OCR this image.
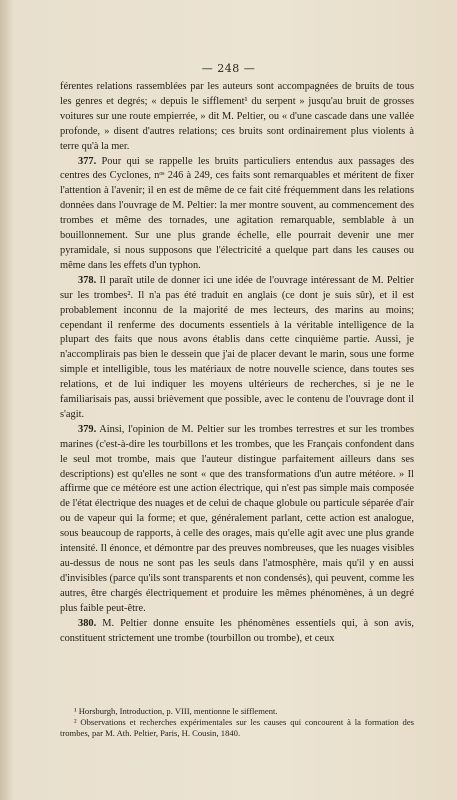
— 248 —

férentes relations rassemblées par les auteurs sont accompagnées de bruits de tous les genres et degrés; « depuis le sifflement¹ du serpent » jusqu'au bruit de grosses voitures sur une route empierrée, » dit M. Peltier, ou « d'une cascade dans une vallée profonde, » disent d'autres relations; ces bruits sont ordinairement plus violents à terre qu'à la mer.

377. Pour qui se rappelle les bruits particuliers entendus aux passages des centres des Cyclones, nᵒˢ 246 à 249, ces faits sont remarquables et méritent de fixer l'attention à l'avenir; il en est de même de ce fait cité fréquemment dans les relations données dans l'ouvrage de M. Peltier: la mer montre souvent, au commencement des trombes et même des tornades, une agitation remarquable, semblable à un bouillonnement. Sur une plus grande échelle, elle pourrait devenir une mer pyramidale, si nous supposons que l'électricité a quelque part dans les causes ou même dans les effets d'un typhon.

378. Il paraît utile de donner ici une idée de l'ouvrage intéressant de M. Peltier sur les trombes². Il n'a pas été traduit en anglais (ce dont je suis sûr), et il est probablement inconnu de la majorité de mes lecteurs, des marins au moins; cependant il renferme des documents essentiels à la véritable intelligence de la plupart des faits que nous avons établis dans cette cinquième partie. Aussi, je n'accomplirais pas bien le dessein que j'ai de placer devant le marin, sous une forme simple et intelligible, tous les matériaux de notre nouvelle science, dans toutes ses relations, et de lui indiquer les moyens ultérieurs de recherches, si je ne le familiarisais pas, aussi brièvement que possible, avec le contenu de l'ouvrage dont il s'agit.

379. Ainsi, l'opinion de M. Peltier sur les trombes terrestres et sur les trombes marines (c'est-à-dire les tourbillons et les trombes, que les Français confondent dans le seul mot trombe, mais que l'auteur distingue parfaitement ailleurs dans ses descriptions) est qu'elles ne sont « que des transformations d'un autre météore. » Il affirme que ce météore est une action électrique, qui n'est pas simple mais composée de l'état électrique des nuages et de celui de chaque globule ou particule séparée d'air ou de vapeur qui la forme; et que, généralement parlant, cette action est analogue, sous beaucoup de rapports, à celle des orages, mais qu'elle agit avec une plus grande intensité. Il énonce, et démontre par des preuves nombreuses, que les nuages visibles au-dessus de nous ne sont pas les seuls dans l'atmosphère, mais qu'il y en aussi d'invisibles (parce qu'ils sont transparents et non condensés), qui peuvent, comme les autres, être chargés électriquement et produire les mêmes phénomènes, à un degré plus faible peut-être.

380. M. Peltier donne ensuite les phénomènes essentiels qui, à son avis, constituent strictement une trombe (tourbillon ou trombe), et ceux

¹ Horsburgh, Introduction, p. VIII, mentionne le sifflement.

² Observations et recherches expérimentales sur les causes qui concourent à la formation des trombes, par M. Ath. Peltier, Paris, H. Cousin, 1840.
